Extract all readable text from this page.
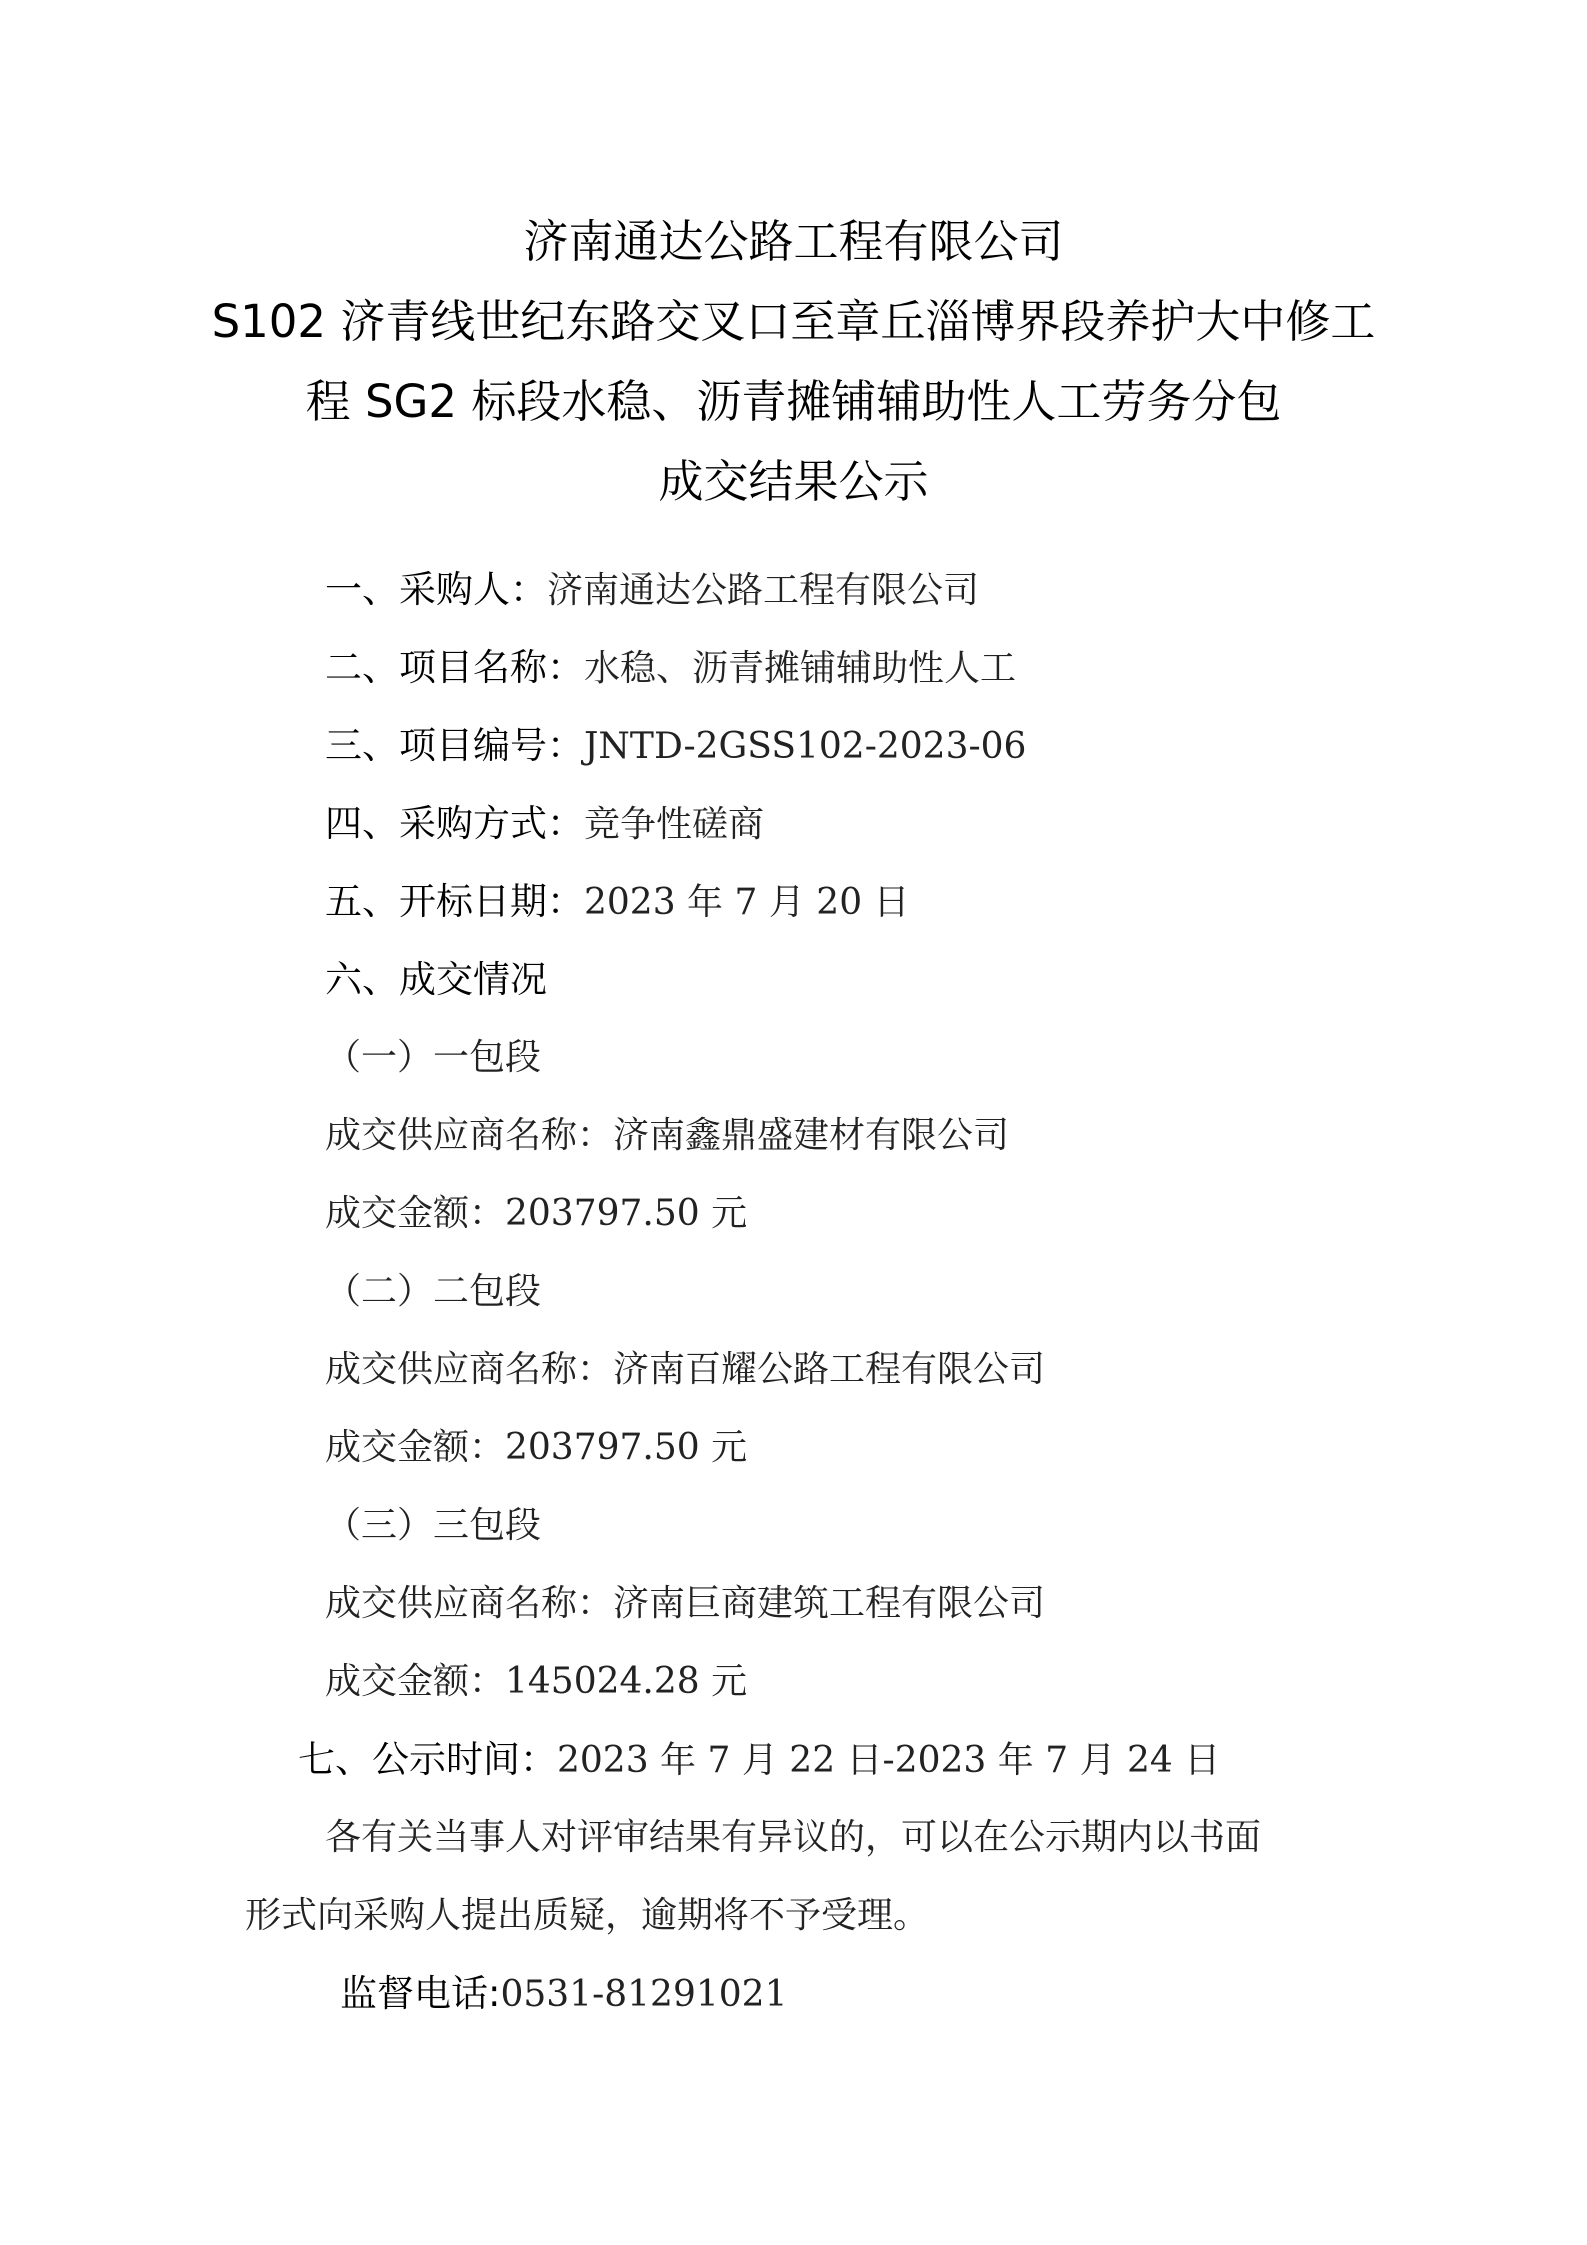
济南通达公路工程有限公司
S102 济青线世纪东路交叉口至章丘淄博界段养护大中修工
程 SG2 标段水稳、沥青摊铺辅助性人工劳务分包
成交结果公示
一、采购人：济南通达公路工程有限公司
二、项目名称：水稳、沥青摊铺辅助性人工
三、项目编号：JNTD-2GSS102-2023-06
四、采购方式：竞争性磋商
五、开标日期：2023 年 7 月 20 日
六、成交情况
（一）一包段
成交供应商名称：济南鑫鼎盛建材有限公司
成交金额：203797.50 元
（二）二包段
成交供应商名称：济南百耀公路工程有限公司
成交金额：203797.50 元
（三）三包段
成交供应商名称：济南巨商建筑工程有限公司
成交金额：145024.28 元
七、公示时间：2023 年 7 月 22 日-2023 年 7 月 24 日
各有关当事人对评审结果有异议的，可以在公示期内以书面
形式向采购人提出质疑，逾期将不予受理。
监督电话:0531-81291021
